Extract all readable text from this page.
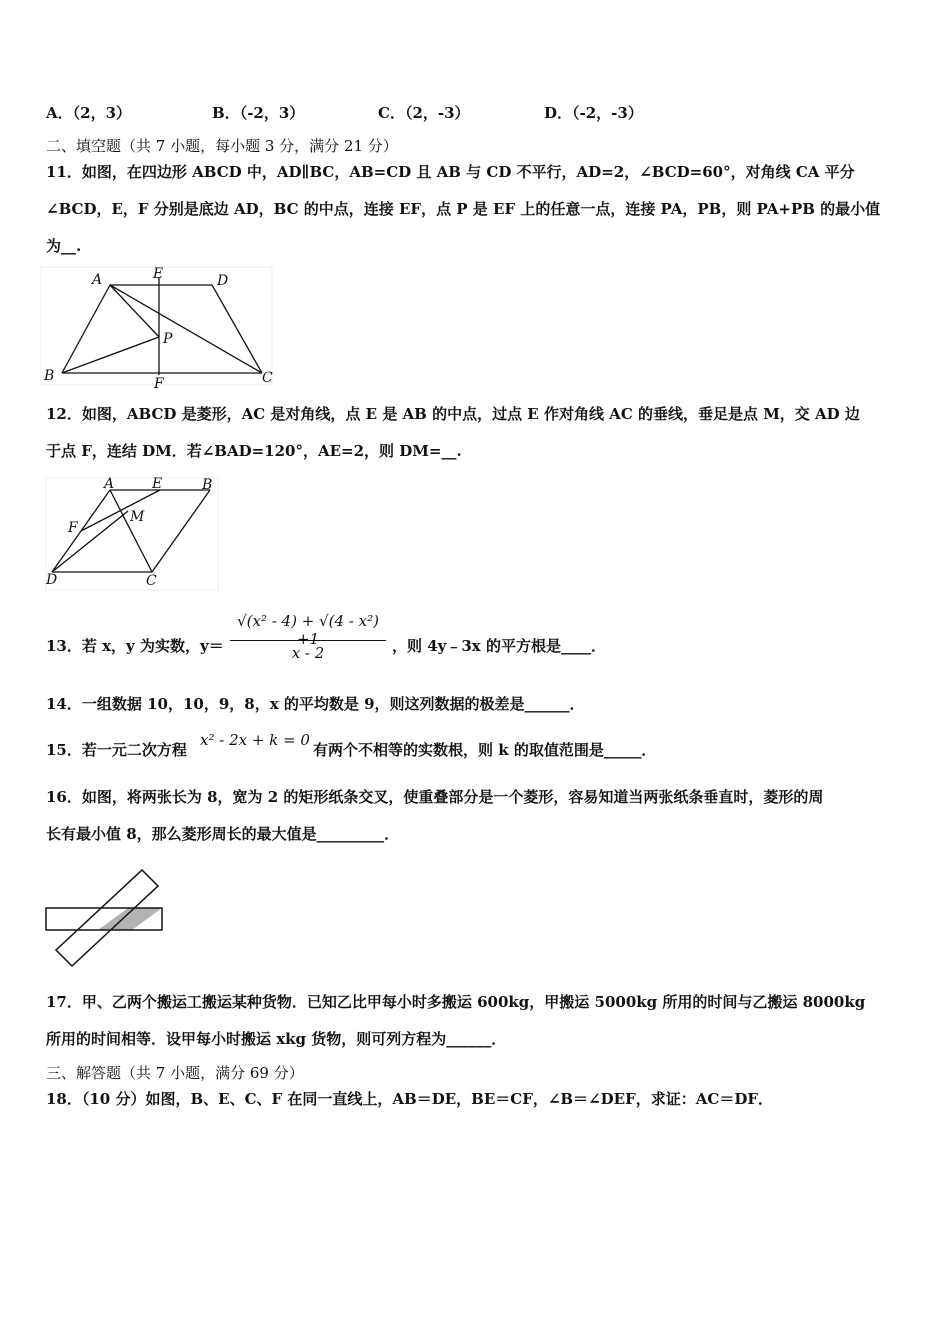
A．（2，3）	B．（-2，3）	C．（2，-3）	D．（-2，-3）
二、填空题（共 7 小题，每小题 3 分，满分 21 分）
11．如图，在四边形 ABCD 中，AD∥BC，AB=CD 且 AB 与 CD 不平行，AD=2，∠BCD=60°，对角线 CA 平分
∠BCD，E，F 分别是底边 AD，BC 的中点，连接 EF，点 P 是 EF 上的任意一点，连接 PA，PB，则 PA+PB 的最小值
为__.
A	E	D
P
B	F	C
12．如图，ABCD 是菱形，AC 是对角线，点 E 是 AB 的中点，过点 E 作对角线 AC 的垂线，垂足是点 M，交 AD 边
于点 F，连结 DM．若∠BAD=120°，AE=2，则 DM=__.
A	E	B
F
M
D	C
13．若 x，y 为实数，y＝
√(x² - 4) + √(4 - x²) +1
x - 2	，则 4y﹣3x 的平方根是____．
14．一组数据 10，10，9，8，x 的平均数是 9，则这列数据的极差是______．
15．若一元二次方程
x² - 2x + k = 0
有两个不相等的实数根，则 k 的取值范围是_____．
16．如图，将两张长为 8，宽为 2 的矩形纸条交叉，使重叠部分是一个菱形，容易知道当两张纸条垂直时，菱形的周
长有最小值 8，那么菱形周长的最大值是_________．
17．甲、乙两个搬运工搬运某种货物．已知乙比甲每小时多搬运 600kg，甲搬运 5000kg 所用的时间与乙搬运 8000kg
所用的时间相等．设甲每小时搬运 xkg 货物，则可列方程为______．
三、解答题（共 7 小题，满分 69 分）
18．（10 分）如图，B、E、C、F 在同一直线上，AB＝DE，BE＝CF，∠B＝∠DEF，求证：AC＝DF．
